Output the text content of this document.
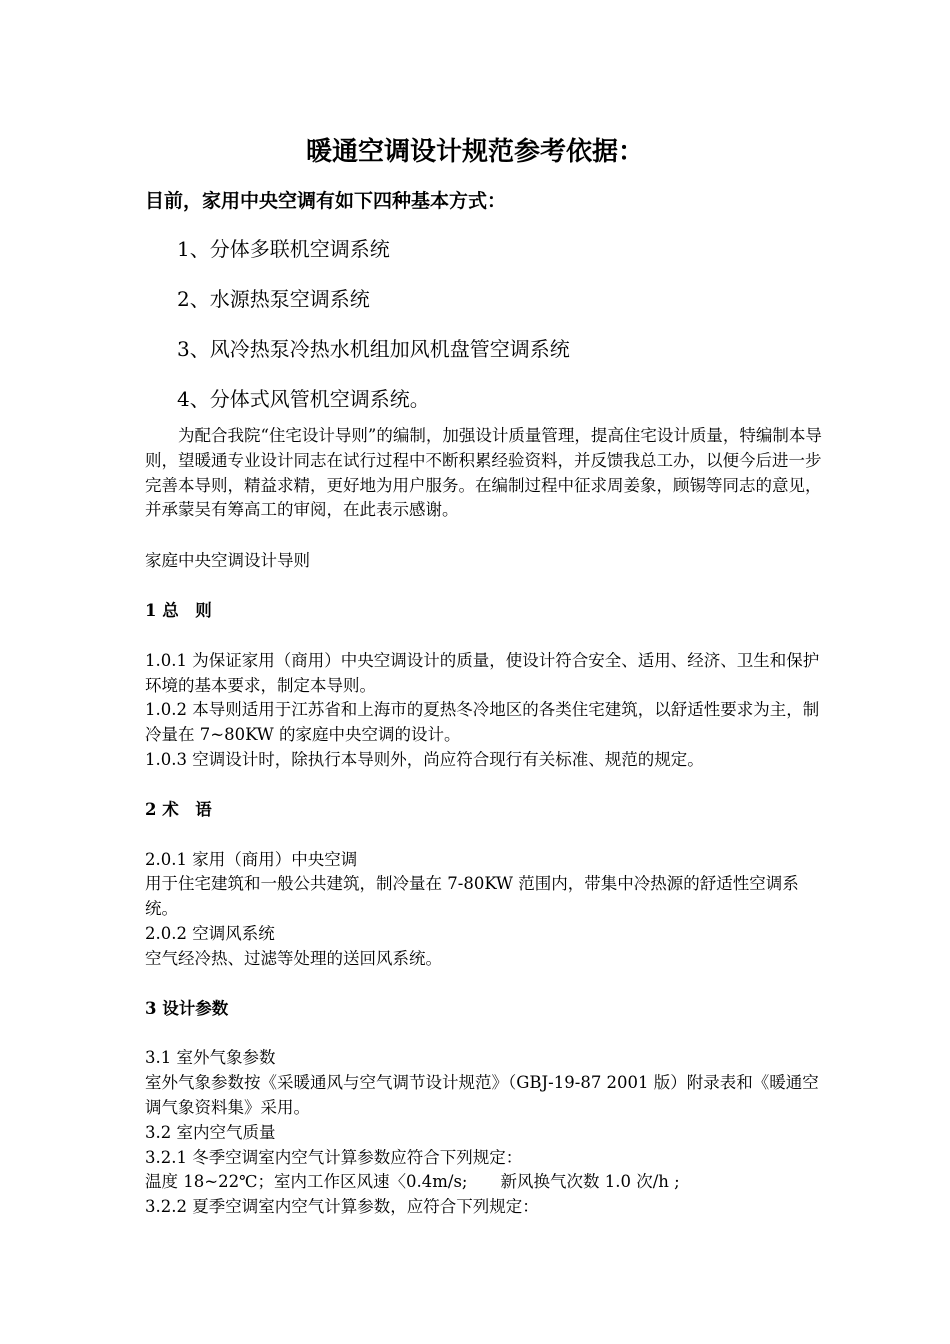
暖通空调设计规范参考依据：
目前，家用中央空调有如下四种基本方式：
1、分体多联机空调系统
2、水源热泵空调系统
3、风冷热泵冷热水机组加风机盘管空调系统
4、分体式风管机空调系统。
为配合我院“住宅设计导则”的编制，加强设计质量管理，提高住宅设计质量，特编制本导则，望暖通专业设计同志在试行过程中不断积累经验资料，并反馈我总工办，以便今后进一步完善本导则，精益求精，更好地为用户服务。在编制过程中征求周姜象，顾锡等同志的意见，并承蒙吴有筹高工的审阅，在此表示感谢。
家庭中央空调设计导则
1 总　则
1.0.1 为保证家用（商用）中央空调设计的质量，使设计符合安全、适用、经济、卫生和保护环境的基本要求，制定本导则。
1.0.2 本导则适用于江苏省和上海市的夏热冬冷地区的各类住宅建筑，以舒适性要求为主，制冷量在 7~80KW 的家庭中央空调的设计。
1.0.3 空调设计时，除执行本导则外，尚应符合现行有关标准、规范的规定。
2 术　语
2.0.1 家用（商用）中央空调
用于住宅建筑和一般公共建筑，制冷量在 7-80KW 范围内，带集中冷热源的舒适性空调系统。
2.0.2 空调风系统
空气经冷热、过滤等处理的送回风系统。
3 设计参数
3.1 室外气象参数
室外气象参数按《采暖通风与空气调节设计规范》（GBJ-19-87 2001 版）附录表和《暖通空调气象资料集》采用。
3.2 室内空气质量
3.2.1 冬季空调室内空气计算参数应符合下列规定：
温度 18~22℃；室内工作区风速〈0.4m/s;　　新风换气次数 1.0 次/h ;
3.2.2 夏季空调室内空气计算参数，应符合下列规定：
